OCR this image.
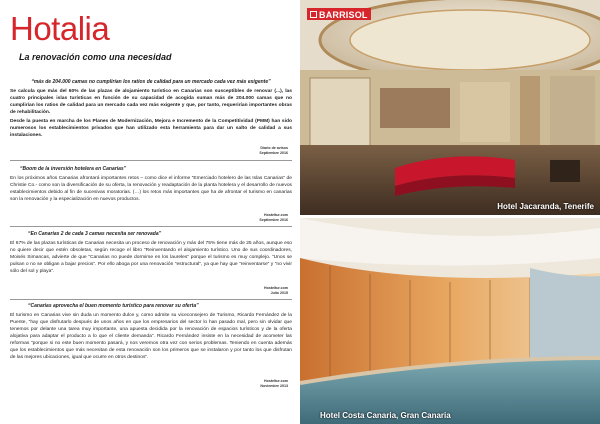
Hotalia
La renovación como una necesidad

“más de 204.000 camas no cumplirían los ratios de calidad para un mercado cada vez más exigente”

Se calcula que más del 60% de las plazas de alojamiento turístico en Canarias son susceptibles de renovar (...), las cuatro principales islas turísticas en función de su capacidad de acogida suman más de 204.000 camas que no cumplirían los ratios de calidad para un mercado cada vez más exigente y que, por tanto, requerirían importantes obras de rehabilitación.

Desde la puesta en marcha de los Planes de Modernización, Mejora e Incremento de la Competitividad (PMM) han sido numerosos los establecimientos privados que han utilizado esta herramienta para dar un salto de calidad a sus instalaciones.

Diario de avisos
Septiembre 2016

“Boom de la inversión hotelera en Canarias”

En los próximos años Canarias afrontará importantes retos – como dice el informe “Emerciado hotelero de las Islas Canarias” de Christie Co.- como son la diversificación de su oferta, la renovación y readaptación de la planta hotelera y el desarrollo de nuevos establecimientos debido al fin de sucesivas moratorias. (…) los retos más importantes que ha de afrontar el turismo en canarias son la renovación y la especialización en nuevos productos.

Hosteltur.com
Septiembre 2016

“En Canarias 2 de cada 3 camas necesita ser renovada”

El 67% de las plazas turísticas de Canarias necesita un proceso de renovación y más del 75% tiene más de 25 años, aunque eso no quiere decir que estén obsoletas, según recoge el libro “Reinventando el alojamiento turístico. Uno de sus coordinadores, Moisés Simancas, advierte de que “Canarias no puede dormirse en los laureles” porque el turismo es muy complejo. “Unos se pulsan o no se obligan a bajar precios”. Por ello aboga por una renovación “estructural”, ya que hay que “reinventarse” y “no vivir sólo del sol y playa”.

Hosteltur.com
Julio 2015

“Canarias aprovecha el buen momento turístico para renovar su oferta”

El turismo en Canarias vive sin duda un momento dulce y, como admite su viceconsejero de Turismo, Ricardo Fernández de la Puente, “hay que disfrutarlo después de unos años en que los empresarios del sector lo han pasado mal, pero sin olvidar que tenemos por delante una tarea muy importante, una apuesta decidida por la renovación de espacios turísticos y de la oferta alojativa para adaptar el producto a lo que el cliente demanda”. Ricardo Fernández insiste en la necesidad de acometer las reformas “porque si no este buen momento pasará, y nos veremos otra vez con serios problemas. Teniendo en cuenta además que los establecimientos que más necesitan de esta renovación son los primeros que se instalaron y por tanto los que disfrutan de las mejores ubicaciones, igual que ocurre en otros destinos”.

Hosteltur.com
Noviembre 2013
BARRISOL
Hotel Jacaranda, Tenerife
Hotel Costa Canaria, Gran Canaria
